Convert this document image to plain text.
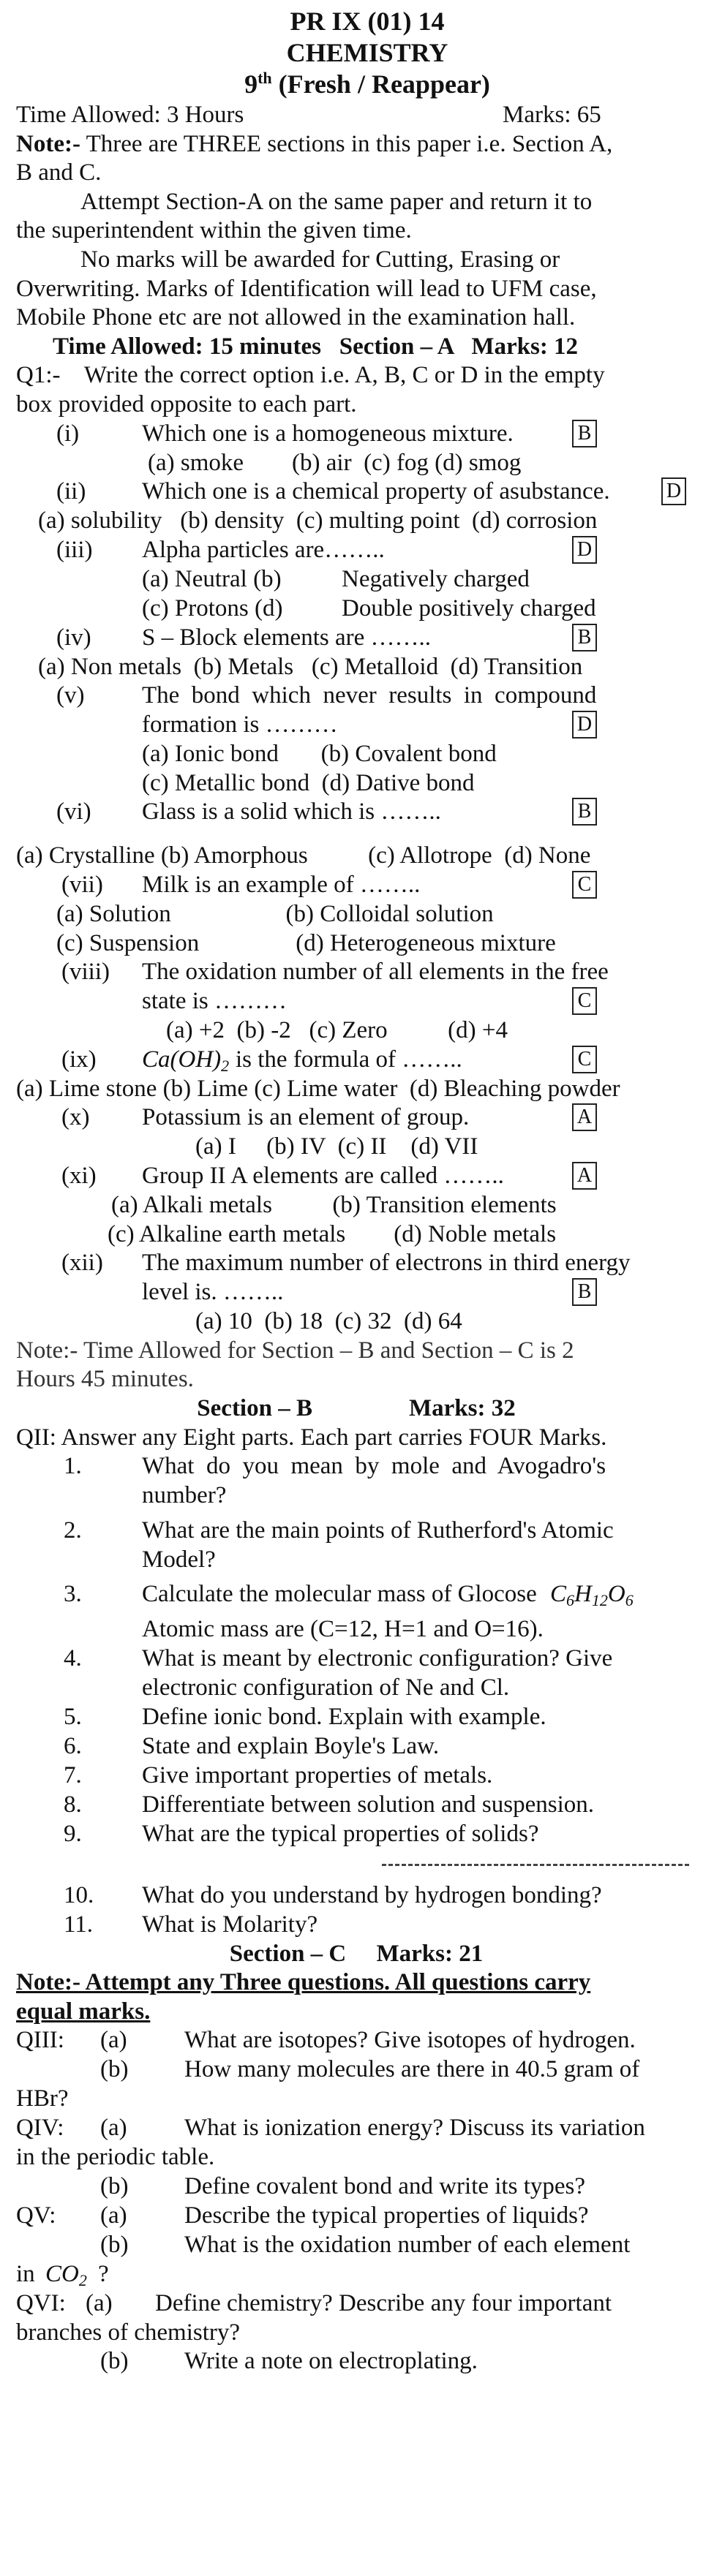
PR IX (01) 14
CHEMISTRY
9th (Fresh / Reappear)
Time Allowed: 3 Hours	Marks: 65
Note:- Three are THREE sections in this paper i.e. Section A,
B and C.
Attempt Section-A on the same paper and return it to
the superintendent within the given time.
No marks will be awarded for Cutting, Erasing or
Overwriting. Marks of Identification will lead to UFM case,
Mobile Phone etc are not allowed in the examination hall.
Time Allowed: 15 minutes   Section – A   Marks: 12
Q1:-    Write the correct option i.e. A, B, C or D in the empty
box provided opposite to each part.
(i)	Which one is a homogeneous mixture.	B
(a) smoke        (b) air  (c) fog (d) smog
(ii) Which one is a chemical property of asubstance.	D
(a) solubility   (b) density  (c) multing point  (d) corrosion
(iii) Alpha particles are……..	D
(a) Neutral (b) Negatively charged
(c) Protons (d) Double positively charged
(iv) S – Block elements are ……..	B
(a) Non metals  (b) Metals   (c) Metalloid  (d) Transition
(v) The  bond  which  never  results  in  compound
formation is ………	D
(a) Ionic bond       (b) Covalent bond
(c) Metallic bond  (d) Dative bond
(vi) Glass is a solid which is ……..	B
(a) Crystalline (b) Amorphous          (c) Allotrope  (d) None
(vii) Milk is an example of ……..	C
(a) Solution                   (b) Colloidal solution
(c) Suspension                (d) Heterogeneous mixture
(viii) The oxidation number of all elements in the free
state is ………	C
(a) +2  (b) -2   (c) Zero          (d) +4
(ix) $Ca(OH)_2$ is the formula of ……..	C
(a) Lime stone (b) Lime (c) Lime water  (d) Bleaching powder
(x) Potassium is an element of group.	A
(a) I     (b) IV  (c) II    (d) VII
(xi) Group II A elements are called ……..	A
(a) Alkali metals          (b) Transition elements
(c) Alkaline earth metals        (d) Noble metals
(xii) The maximum number of electrons in third energy
level is. ……..	B
(a) 10  (b) 18  (c) 32  (d) 64
Note:- Time Allowed for Section – B and Section – C is 2
Hours 45 minutes.
Section – B                Marks: 32
QII: Answer any Eight parts. Each part carries FOUR Marks.
1. What  do  you  mean  by  mole  and  Avogadro's
number?
2. What are the main points of Rutherford's Atomic
Model?
3. Calculate the molecular mass of Glocose $C_6H_{12}O_6$
Atomic mass are (C=12, H=1 and O=16).
4. What is meant by electronic configuration? Give
electronic configuration of Ne and Cl.
5. Define ionic bond. Explain with example.
6. State and explain Boyle's Law.
7. Give important properties of metals.
8. Differentiate between solution and suspension.
9. What are the typical properties of solids?
10. What do you understand by hydrogen bonding?
11. What is Molarity?
Section – C     Marks: 21
Note:- Attempt any Three questions. All questions carry
equal marks.
QIII: (a) What are isotopes? Give isotopes of hydrogen.
(b) How many molecules are there in 40.5 gram of
HBr?
QIV: (a) What is ionization energy? Discuss its variation
in the periodic table.
(b) Define covalent bond and write its types?
QV: (a) Describe the typical properties of liquids?
(b) What is the oxidation number of each element
in $CO_2$ ?
QVI: (a) Define chemistry? Describe any four important
branches of chemistry?
(b) Write a note on electroplating.
